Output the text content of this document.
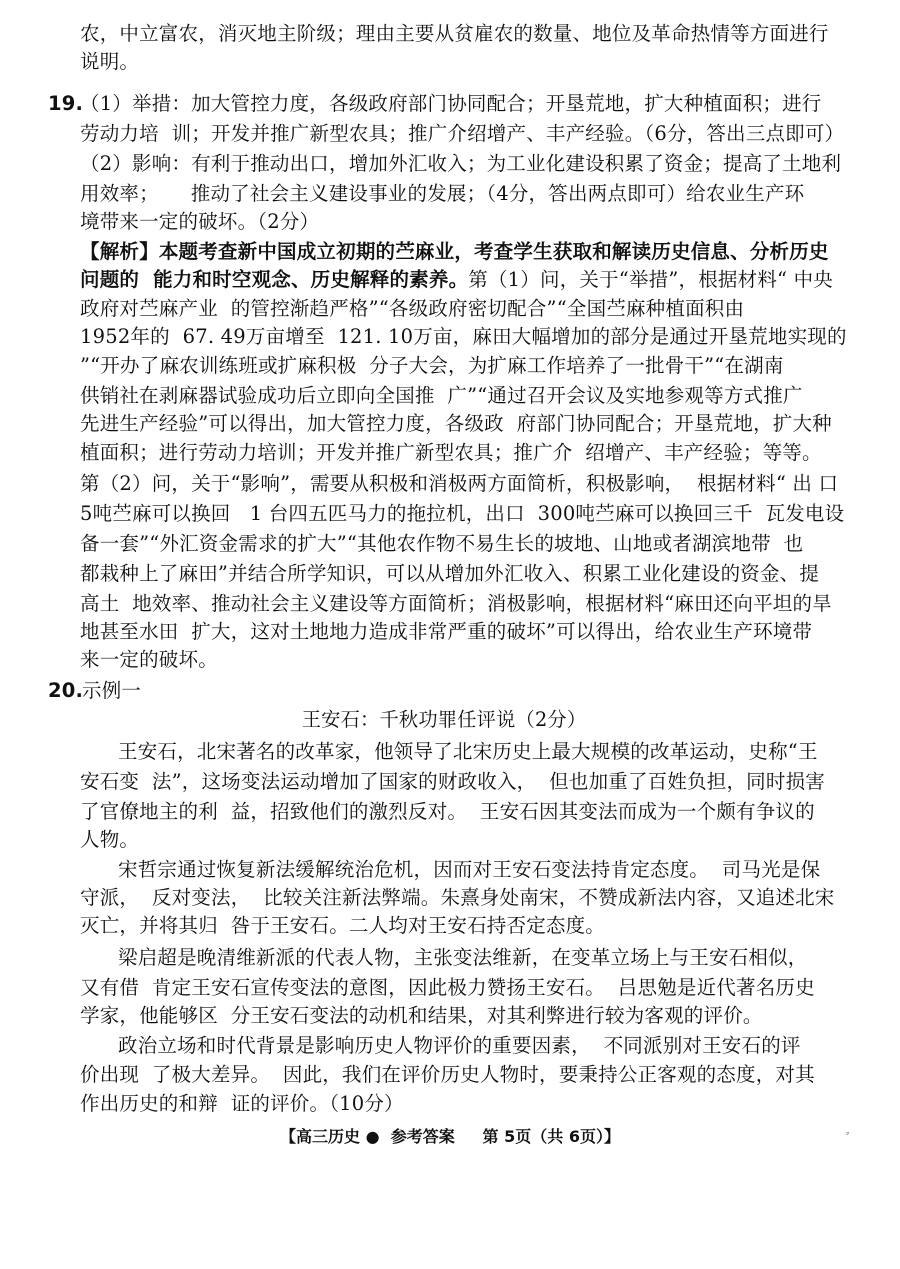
农，中立富农，消灭地主阶级；理由主要从贫雇农的数量、地位及革命热情等方面进行
说明。
19.
（1）举措：加大管控力度，各级政府部门协同配合；开垦荒地，扩大种植面积；进行
劳动力培  训；开发并推广新型农具；推广介绍增产、丰产经验。（6分，答出三点即可）
（2）影响：有利于推动出口，增加外汇收入；为工业化建设积累了资金；提高了土地利
用效率；     推动了社会主义建设事业的发展；（4分，答出两点即可）给农业生产环
境带来一定的破坏。（2分）
【解析】本题考查新中国成立初期的苎麻业，考查学生获取和解读历史信息、分析历史
问题的  能力和时空观念、历史解释的素养。第（1）问，关于“举措”，根据材料“ 中央
政府对苎麻产业  的管控渐趋严格”“各级政府密切配合”“全国苎麻种植面积由
1952年的  67. 49万亩增至  121. 10万亩，麻田大幅增加的部分是通过开垦荒地实现的
”“开办了麻农训练班或扩麻积极  分子大会，为扩麻工作培养了一批骨干”“在湖南
供销社在剥麻器试验成功后立即向全国推  广”“通过召开会议及实地参观等方式推广
先进生产经验”可以得出，加大管控力度，各级政  府部门协同配合；开垦荒地，扩大种
植面积；进行劳动力培训；开发并推广新型农具；推广介  绍增产、丰产经验；等等。
第（2）问，关于“影响”，需要从积极和消极两方面简析，积极影响，  根据材料“ 出 口
5吨苎麻可以换回   1 台四五匹马力的拖拉机，出口  300吨苎麻可以换回三千  瓦发电设
备一套”“外汇资金需求的扩大”“其他农作物不易生长的坡地、山地或者湖滨地带  也
都栽种上了麻田”并结合所学知识，可以从增加外汇收入、积累工业化建设的资金、提
高土  地效率、推动社会主义建设等方面简析；消极影响，根据材料“麻田还向平坦的旱
地甚至水田  扩大，这对土地地力造成非常严重的破坏”可以得出，给农业生产环境带
来一定的破坏。
20.
示例一
王安石：千秋功罪任评说（2分）
王安石，北宋著名的改革家，他领导了北宋历史上最大规模的改革运动，史称“王
安石变  法”，这场变法运动增加了国家的财政收入，  但也加重了百姓负担，同时损害
了官僚地主的利  益，招致他们的激烈反对。  王安石因其变法而成为一个颇有争议的
人物。
宋哲宗通过恢复新法缓解统治危机，因而对王安石变法持肯定态度。  司马光是保
守派，  反对变法，  比较关注新法弊端。朱熹身处南宋，不赞成新法内容，又追述北宋
灭亡，并将其归  咎于王安石。二人均对王安石持否定态度。
梁启超是晚清维新派的代表人物，主张变法维新，在变革立场上与王安石相似，
又有借  肯定王安石宣传变法的意图，因此极力赞扬王安石。  吕思勉是近代著名历史
学家，他能够区  分王安石变法的动机和结果，对其利弊进行较为客观的评价。
政治立场和时代背景是影响历史人物评价的重要因素，  不同派别对王安石的评
价出现  了极大差异。  因此，我们在评价历史人物时，要秉持公正客观的态度，对其
作出历史的和辩  证的评价。（10分）
【高三历史 ●  参考答案     第 5页（共 6页）】	⸗
